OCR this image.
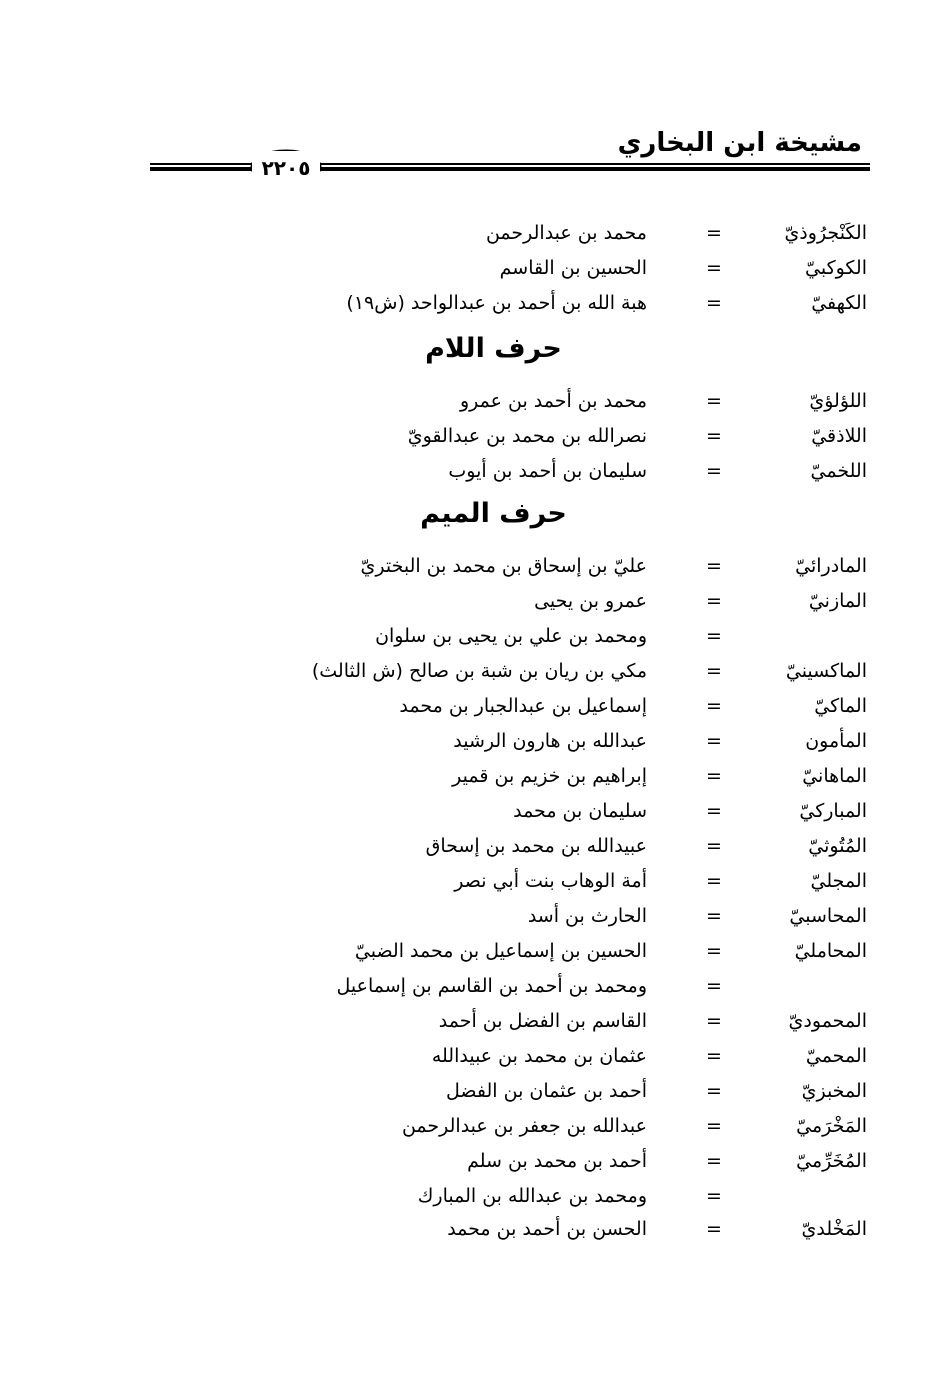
مشيخة ابن البخاري
٢٢٠٥
الكَنْجرُوذيّ
=
محمد بن عبدالرحمن
الكوكبيّ
=
الحسين بن القاسم
الكهفيّ
=
هبة الله بن أحمد بن عبدالواحد (ش١٩)
حرف اللام
اللؤلؤيّ
=
محمد بن أحمد بن عمرو
اللاذقيّ
=
نصرالله بن محمد بن عبدالقويّ
اللخميّ
=
سليمان بن أحمد بن أيوب
حرف الميم
المادرائيّ
=
عليّ بن إسحاق بن محمد بن البختريّ
المازنيّ
=
عمرو بن يحيى
=
ومحمد بن علي بن يحيى بن سلوان
الماكسينيّ
=
مكي بن ريان بن شبة بن صالح (ش الثالث)
الماكيّ
=
إسماعيل بن عبدالجبار بن محمد
المأمون
=
عبدالله بن هارون الرشيد
الماهانيّ
=
إبراهيم بن خزيم بن قمير
المباركيّ
=
سليمان بن محمد
المُتُوثيّ
=
عبيدالله بن محمد بن إسحاق
المجليّ
=
أمة الوهاب بنت أبي نصر
المحاسبيّ
=
الحارث بن أسد
المحامليّ
=
الحسين بن إسماعيل بن محمد الضبيّ
=
ومحمد بن أحمد بن القاسم بن إسماعيل
المحموديّ
=
القاسم بن الفضل بن أحمد
المحميّ
=
عثمان بن محمد بن عبيدالله
المخبزيّ
=
أحمد بن عثمان بن الفضل
المَخْرَميّ
=
عبدالله بن جعفر بن عبدالرحمن
المُخَرِّميّ
=
أحمد بن محمد بن سلم
=
ومحمد بن عبدالله بن المبارك
المَخْلديّ
=
الحسن بن أحمد بن محمد
